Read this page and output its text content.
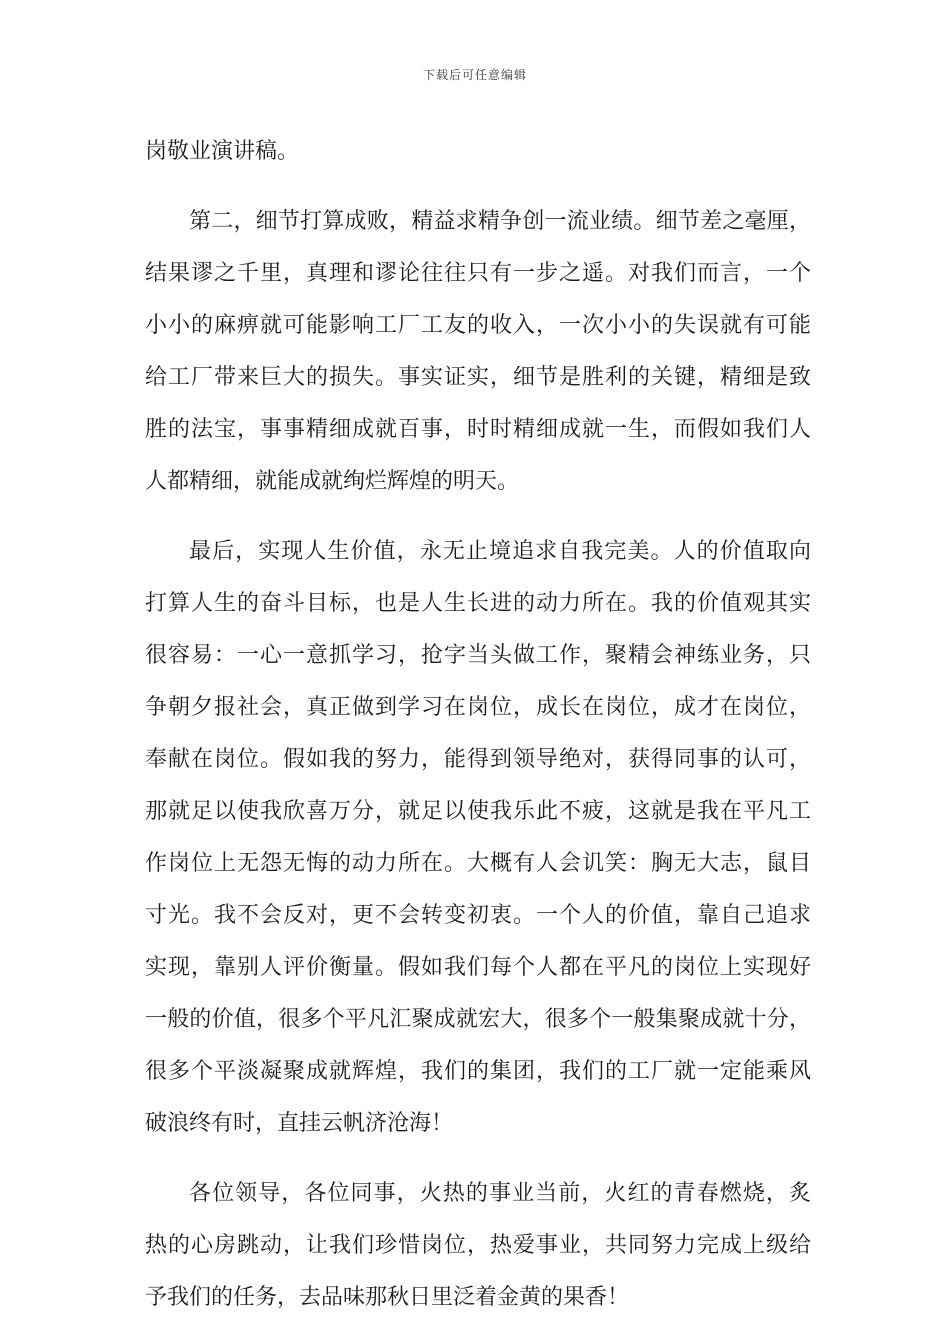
下载后可任意编辑
岗敬业演讲稿。
第二，细节打算成败，精益求精争创一流业绩。细节差之毫厘，
结果谬之千里，真理和谬论往往只有一步之遥。对我们而言，一个
小小的麻痹就可能影响工厂工友的收入，一次小小的失误就有可能
给工厂带来巨大的损失。事实证实，细节是胜利的关键，精细是致
胜的法宝，事事精细成就百事，时时精细成就一生，而假如我们人
人都精细，就能成就绚烂辉煌的明天。
最后，实现人生价值，永无止境追求自我完美。人的价值取向
打算人生的奋斗目标，也是人生长进的动力所在。我的价值观其实
很容易：一心一意抓学习，抢字当头做工作，聚精会神练业务，只
争朝夕报社会，真正做到学习在岗位，成长在岗位，成才在岗位，
奉献在岗位。假如我的努力，能得到领导绝对，获得同事的认可，
那就足以使我欣喜万分，就足以使我乐此不疲，这就是我在平凡工
作岗位上无怨无悔的动力所在。大概有人会讥笑：胸无大志，鼠目
寸光。我不会反对，更不会转变初衷。一个人的价值，靠自己追求
实现，靠别人评价衡量。假如我们每个人都在平凡的岗位上实现好
一般的价值，很多个平凡汇聚成就宏大，很多个一般集聚成就十分，
很多个平淡凝聚成就辉煌，我们的集团，我们的工厂就一定能乘风
破浪终有时，直挂云帆济沧海！
各位领导，各位同事，火热的事业当前，火红的青春燃烧，炙
热的心房跳动，让我们珍惜岗位，热爱事业，共同努力完成上级给
予我们的任务，去品味那秋日里泛着金黄的果香！
